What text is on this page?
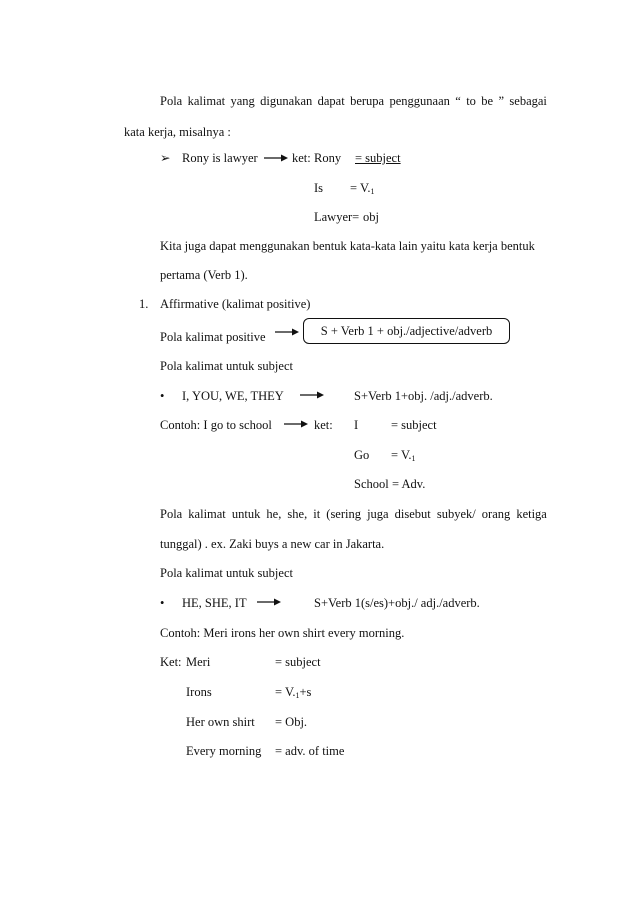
Pola kalimat yang digunakan dapat berupa penggunaan “ to be ” sebagai
kata kerja, misalnya :
➢ Rony is lawyer	ket: Rony = subject
$Is = V._1$
Lawyer= obj
Kita juga dapat menggunakan bentuk kata-kata lain yaitu kata kerja bentuk
pertama (Verb 1).
1. Affirmative (kalimat positive)
Pola kalimat positive	S + Verb 1 + obj./adjective/adverb
Pola kalimat untuk subject
• I, YOU, WE, THEY	S+Verb 1+obj. /adj./adverb.
Contoh: I go to school	ket: I	= subject
$Go = V._1$
School = Adv.
Pola kalimat untuk he, she, it (sering juga disebut subyek/ orang ketiga
tunggal) . ex. Zaki buys a new car in Jakarta.
Pola kalimat untuk subject
• HE, SHE, IT	S+Verb 1(s/es)+obj./ adj./adverb.
Contoh: Meri irons her own shirt every morning.
Ket: Meri	= subject
Irons	= $V._1+s$
Her own shirt = Obj.
Every morning = adv. of time
